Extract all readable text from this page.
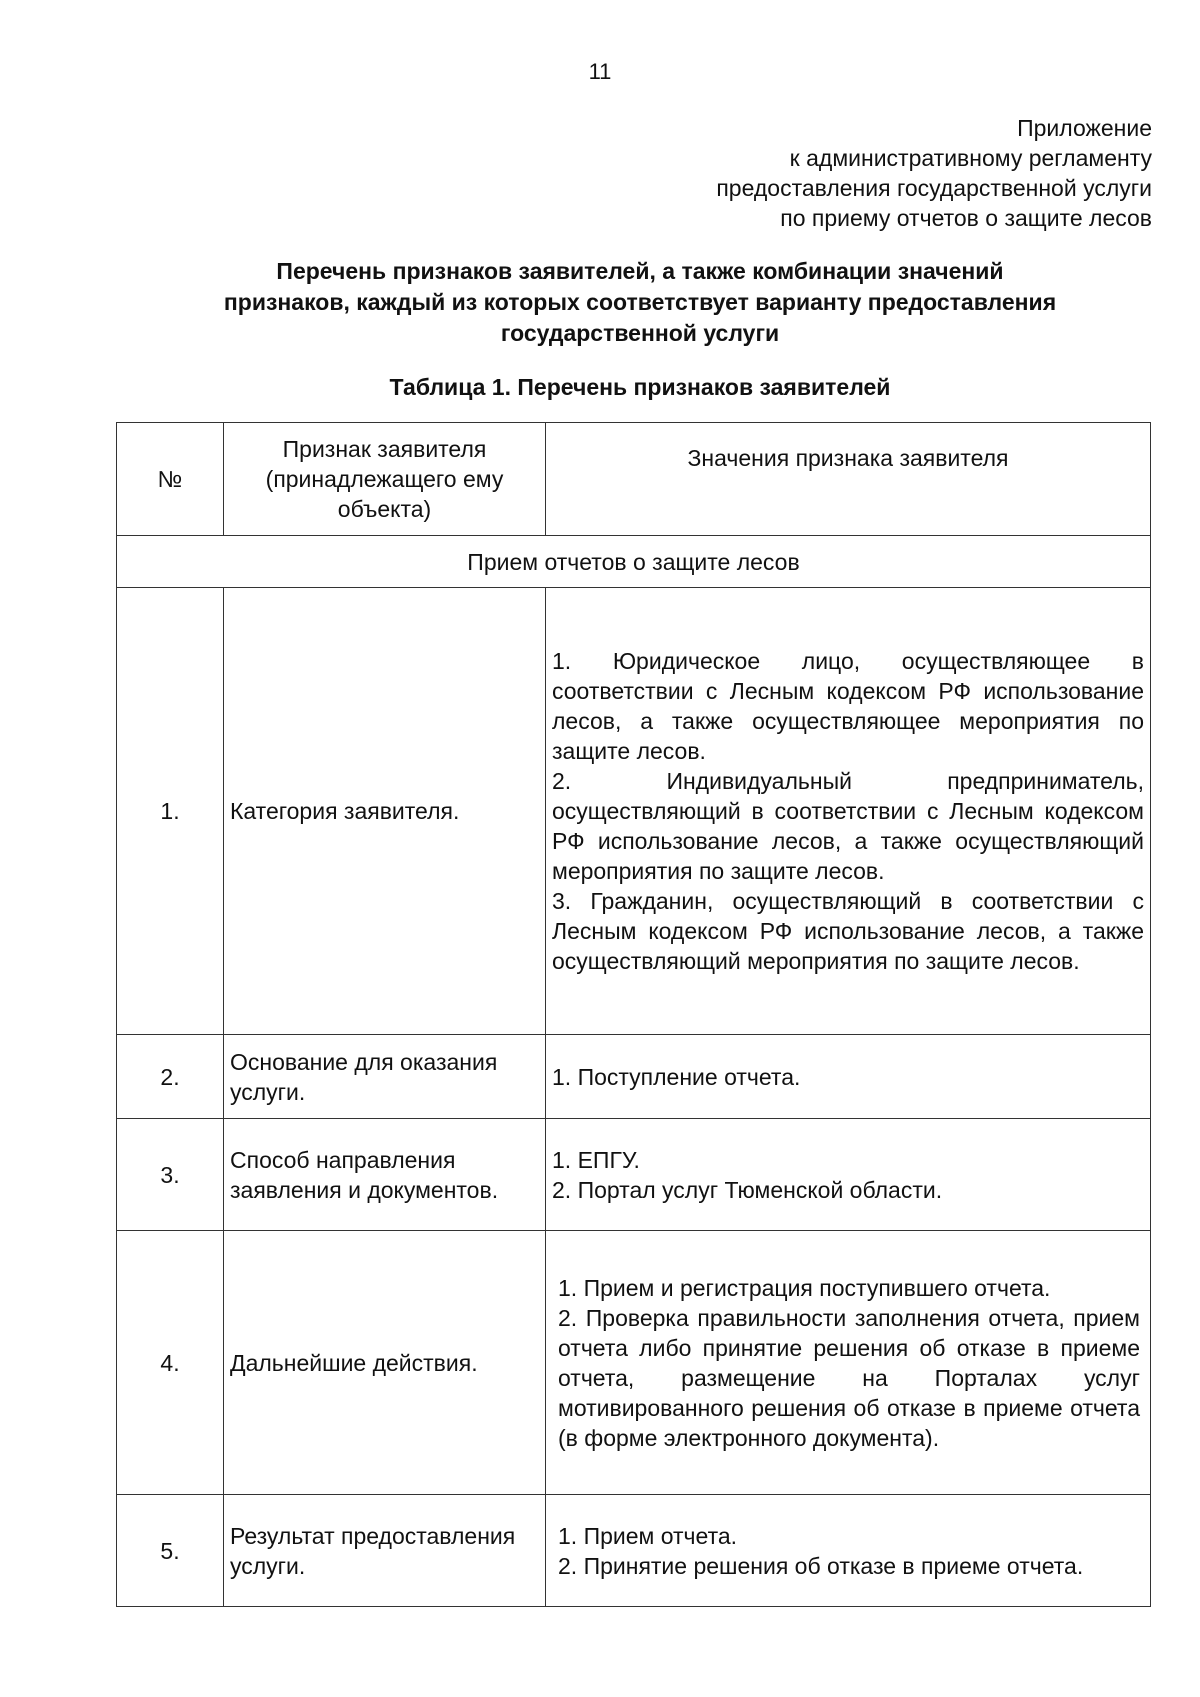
11
Приложение
к административному регламенту
предоставления государственной услуги
по приему отчетов о защите лесов
Перечень признаков заявителей, а также комбинации значений
признаков, каждый из которых соответствует варианту предоставления
государственной услуги
Таблица 1. Перечень признаков заявителей
№	Признак заявителя (принадлежащего ему объекта)	Значения признака заявителя
Прием отчетов о защите лесов		
1.	Категория заявителя.	1. Юридическое лицо, осуществляющее в соответствии с Лесным кодексом РФ использование лесов, а также осуществляющее мероприятия по защите лесов.
2. Индивидуальный предприниматель, осуществляющий в соответствии с Лесным кодексом РФ использование лесов, а также осуществляющий мероприятия по защите лесов.
3. Гражданин, осуществляющий в соответствии с Лесным кодексом РФ использование лесов, а также осуществляющий мероприятия по защите лесов.

2.	Основание для оказания услуги.	1. Поступление отчета.

3.	Способ направления заявления и документов.	1. ЕПГУ.
2. Портал услуг Тюменской области.

4.	Дальнейшие действия.	1. Прием и регистрация поступившего отчета.
2. Проверка правильности заполнения отчета, прием отчета либо принятие решения об отказе в приеме отчета, размещение на Порталах услуг мотивированного решения об отказе в приеме отчета (в форме электронного документа).

5.	Результат предоставления услуги.	1. Прием отчета.
2. Принятие решения об отказе в приеме отчета.
